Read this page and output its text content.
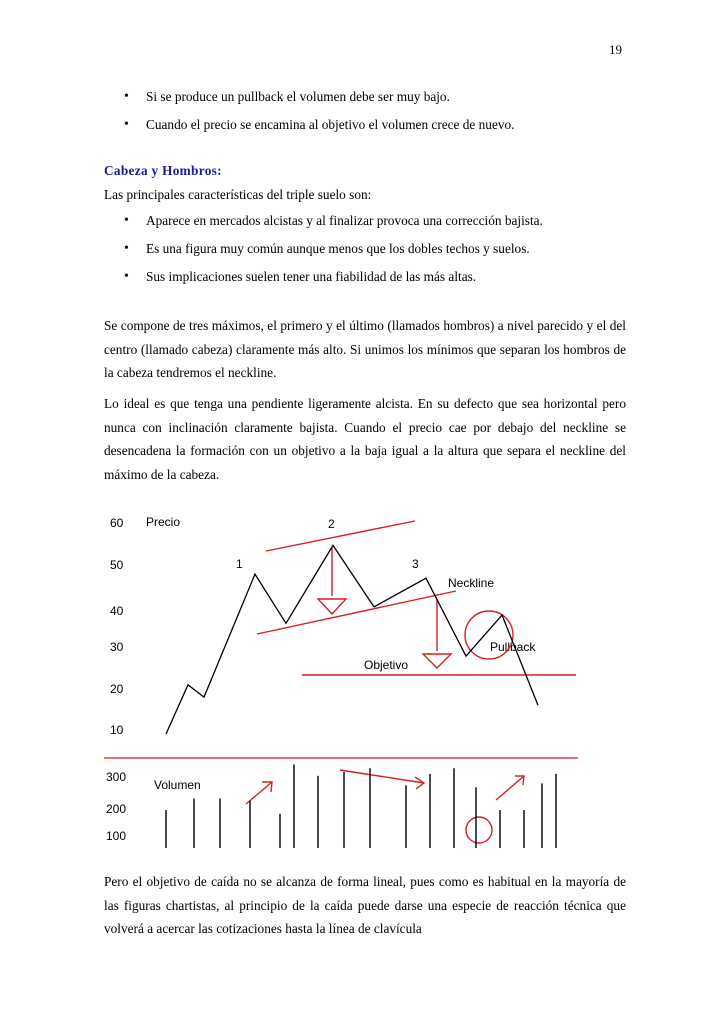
19
• Si se produce un pullback el volumen debe ser muy bajo.
• Cuando el precio se encamina al objetivo el volumen crece de nuevo.
Cabeza y Hombros:
Las principales características del triple suelo son:
• Aparece en mercados alcistas y al finalizar provoca una corrección bajista.
• Es una figura muy común aunque menos que los dobles techos y suelos.
• Sus implicaciones suelen tener una fiabilidad de las más altas.
Se compone de tres máximos, el primero y el último (llamados hombros) a nivel parecido y el del centro (llamado cabeza) claramente más alto. Si unimos los mínimos que separan los hombros de la cabeza tendremos el neckline.
Lo ideal es que tenga una pendiente ligeramente alcista. En su defecto que sea horizontal pero nunca con inclinación claramente bajista. Cuando el precio cae por debajo del neckline se desencadena la formación con un objetivo a la baja igual a la altura que separa el neckline del máximo de la cabeza.
60
50
40
30
20
10
Precio
1
2
3
Neckline
Pullback
Objetivo
300
200
100
Volumen
Pero el objetivo de caída no se alcanza de forma lineal, pues como es habitual en la mayoría de las figuras chartistas, al principio de la caída puede darse una especie de reacción técnica que volverá a acercar las cotizaciones hasta la línea de clavícula
